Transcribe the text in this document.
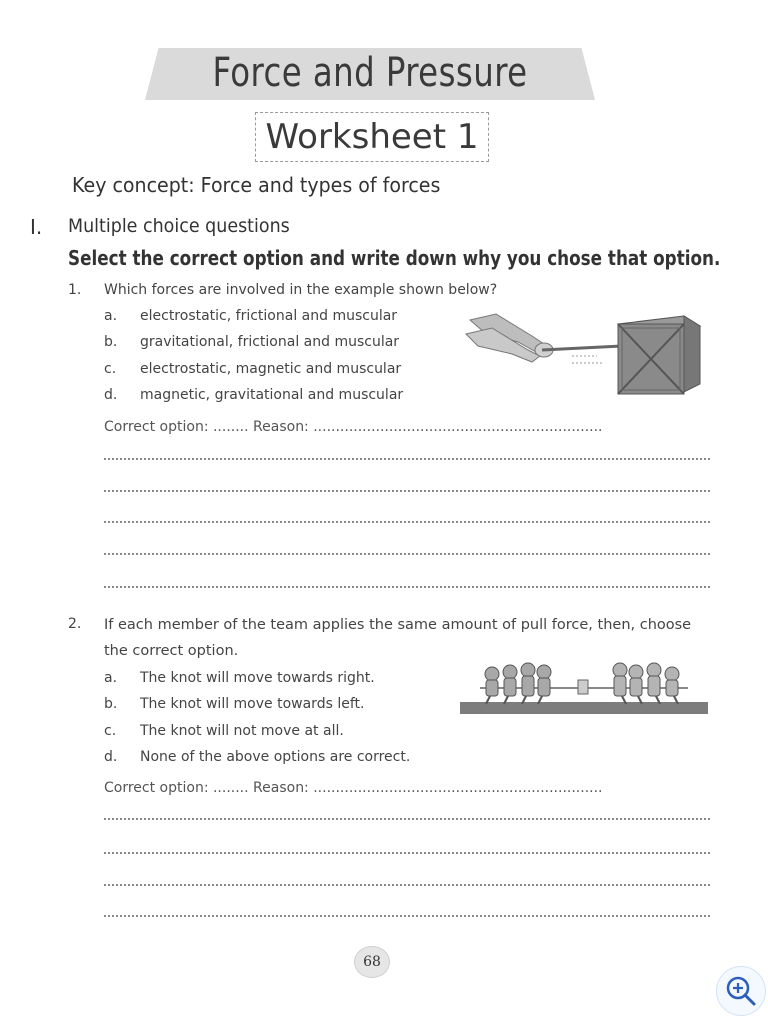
Force and Pressure
Worksheet 1
Key concept: Force and types of forces
I. Multiple choice questions
Select the correct option and write down why you chose that option.
1. Which forces are involved in the example shown below?
a. electrostatic, frictional and muscular
b. gravitational, frictional and muscular
c. electrostatic, magnetic and muscular
d. magnetic, gravitational and muscular
Correct option: ........ Reason: .................................................................
2. If each member of the team applies the same amount of pull force, then, choose the correct option.
a. The knot will move towards right.
b. The knot will move towards left.
c. The knot will not move at all.
d. None of the above options are correct.
Correct option: ........ Reason: .................................................................
68
